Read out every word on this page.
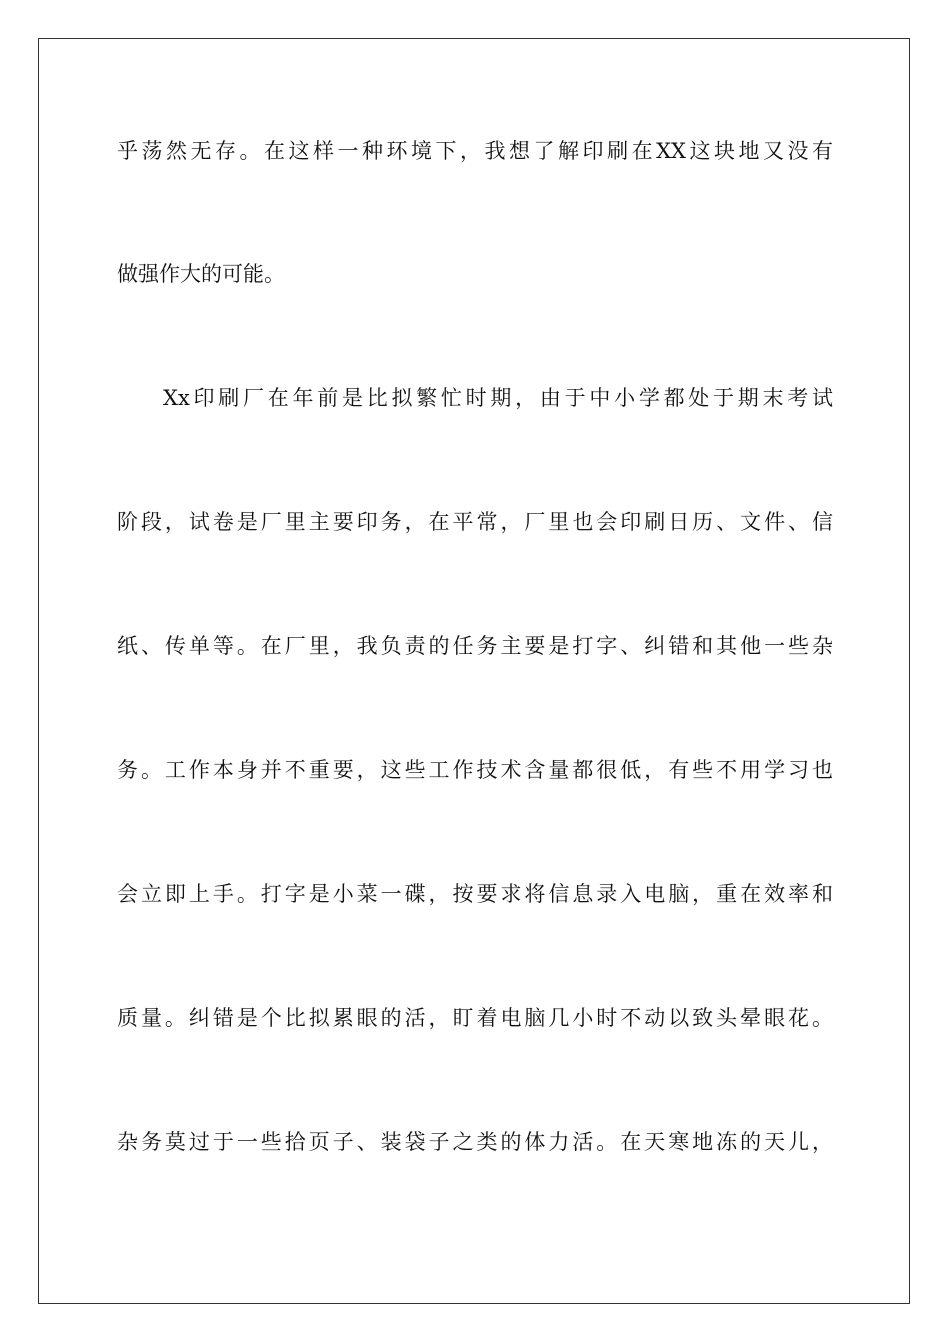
乎荡然无存。在这样一种环境下，我想了解印刷在XX这块地又没有
做强作大的可能。
Xx印刷厂在年前是比拟繁忙时期，由于中小学都处于期末考试
阶段，试卷是厂里主要印务，在平常，厂里也会印刷日历、文件、信
纸、传单等。在厂里，我负责的任务主要是打字、纠错和其他一些杂
务。工作本身并不重要，这些工作技术含量都很低，有些不用学习也
会立即上手。打字是小菜一碟，按要求将信息录入电脑，重在效率和
质量。纠错是个比拟累眼的活，盯着电脑几小时不动以致头晕眼花。
杂务莫过于一些拾页子、装袋子之类的体力活。在天寒地冻的天儿，
